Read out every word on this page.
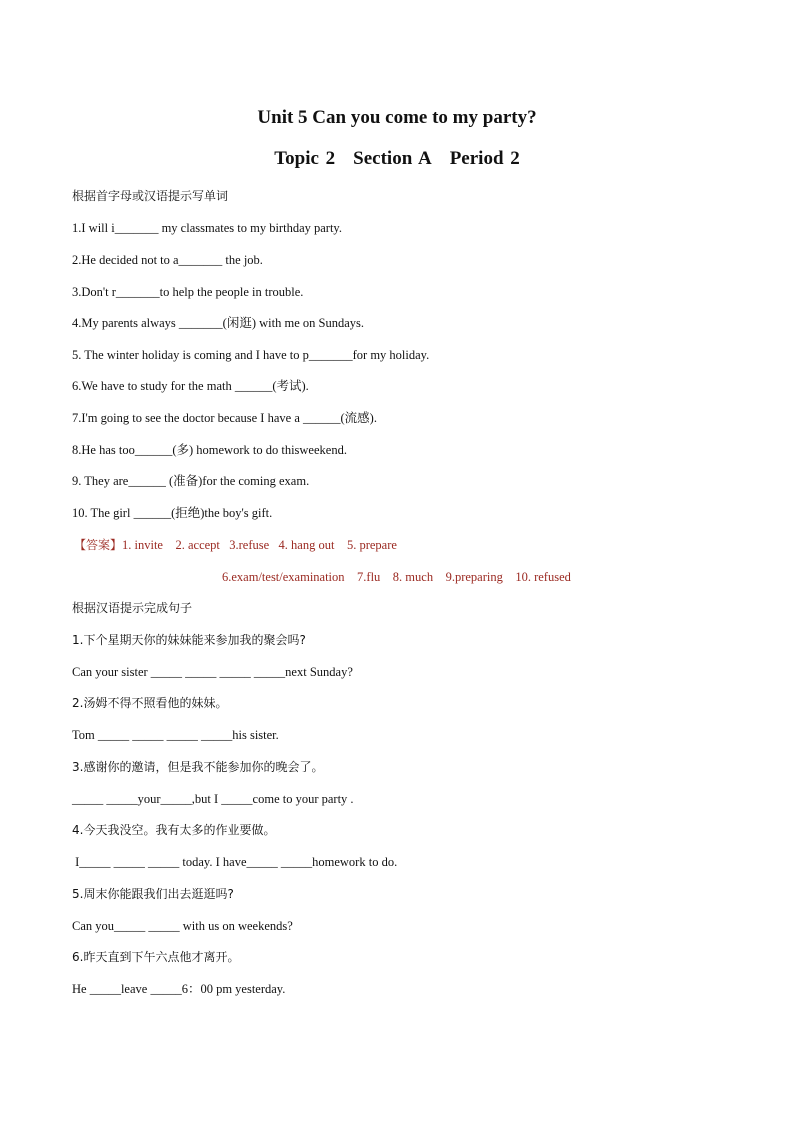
Unit 5 Can you come to my party?
Topic 2 Section A Period 2
根据首字母或汉语提示写单词
1.I will i_______ my classmates to my birthday party.
2.He decided not to a_______ the job.
3.Don't r_______to help the people in trouble.
4.My parents always _______(闲逛) with me on Sundays.
5. The winter holiday is coming and I have to p_______for my holiday.
6.We have to study for the math ______(考试).
7.I'm going to see the doctor because I have a ______(流感).
8.He has too______(多) homework to do thisweekend.
9. They are______ (准备)for the coming exam.
10. The girl ______(拒绝)the boy's gift.
【答案】1. invite    2. accept   3.refuse   4. hang out    5. prepare
6.exam/test/examination    7.flu    8. much    9.preparing    10. refused
根据汉语提示完成句子
1.下个星期天你的妹妹能来参加我的聚会吗?
Can your sister _____ _____ _____ _____next Sunday?
2.汤姆不得不照看他的妹妹。
Tom _____ _____ _____ _____his sister.
3.感谢你的邀请，但是我不能参加你的晚会了。
_____ _____your_____,but I _____come to your party .
4.今天我没空。我有太多的作业要做。
I_____ _____ _____ today. I have_____ _____homework to do.
5.周末你能跟我们出去逛逛吗?
Can you_____ _____ with us on weekends?
6.昨天直到下午六点他才离开。
He _____leave _____6：00 pm yesterday.
